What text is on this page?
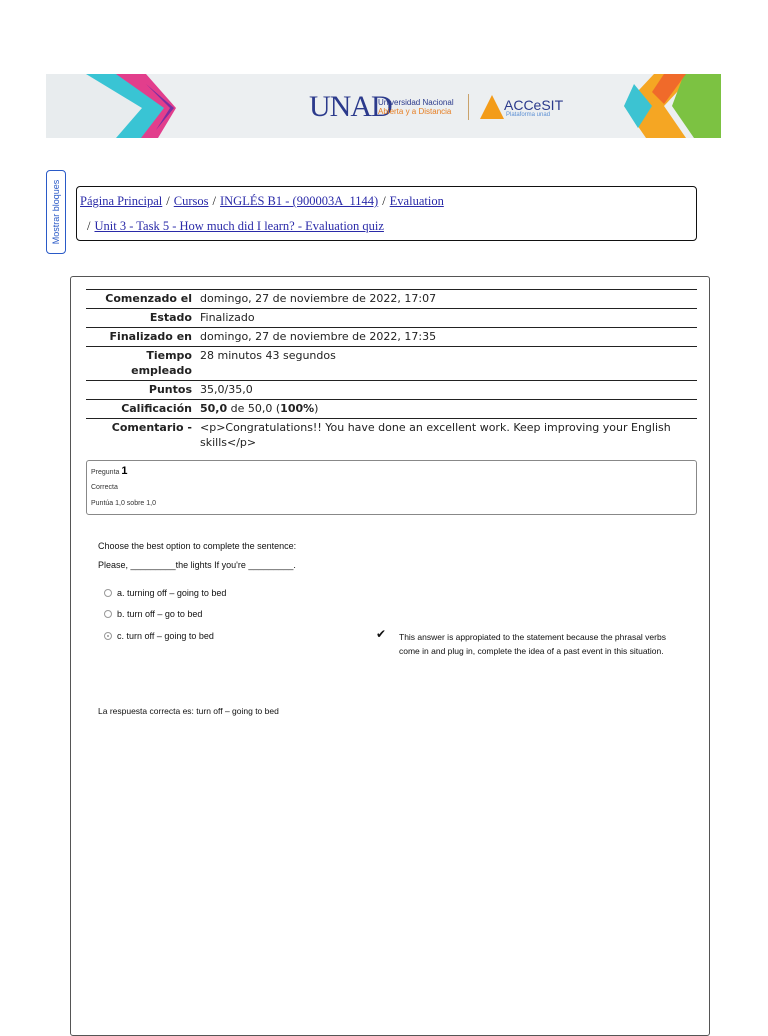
UNAD
Universidad Nacional
Abierta y a Distancia	ACCeSIT
Plataforma unad
Mostrar bloques Página Principal / Cursos / INGLÉS B1 - (900003A_1144) / Evaluation
/ Unit 3 - Task 5 - How much did I learn? - Evaluation quiz
Comenzado el	domingo, 27 de noviembre de 2022, 17:07
Estado	Finalizado
Finalizado en	domingo, 27 de noviembre de 2022, 17:35
Tiempo empleado	28 minutos 43 segundos
Puntos	35,0/35,0
Calificación	50,0 de 50,0 (100%)
Comentario -	<p>Congratulations!! You have done an excellent work. Keep improving your English skills</p>
Pregunta 1
Correcta
Puntúa 1,0 sobre 1,0
Choose the best option to complete the sentence:
Please, _________the lights If you're _________.
a. turning off – going to bed
b. turn off – go to bed
c. turn off – going to bed	✔ This answer is appropiated to the statement because the phrasal verbs come in and plug in, complete the idea of a past event in this situation.
La respuesta correcta es: turn off – going to bed
